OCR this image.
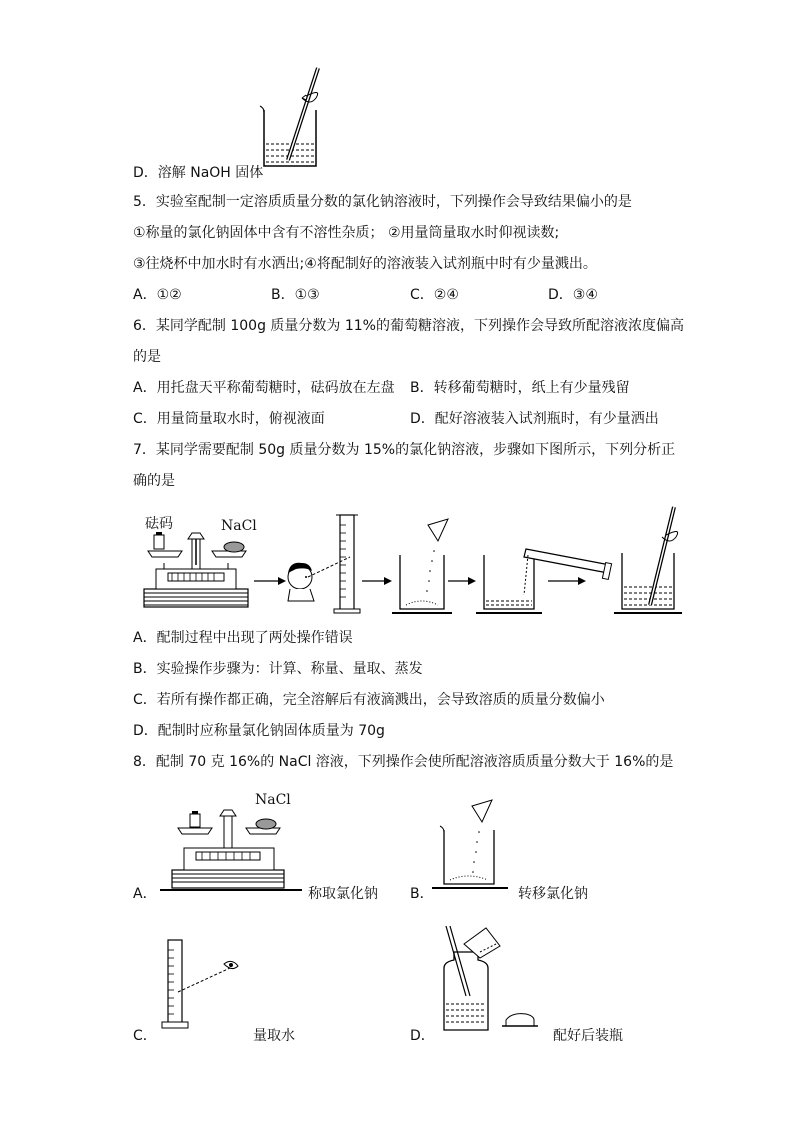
D．溶解 NaOH 固体
5．实验室配制一定溶质质量分数的氯化钠溶液时，下列操作会导致结果偏小的是
①称量的氯化钠固体中含有不溶性杂质； ②用量筒量取水时仰视读数;
③往烧杯中加水时有水洒出;④将配制好的溶液装入试剂瓶中时有少量溅出。
A．①②	B．①③	C．②④	D．③④
6．某同学配制 100g 质量分数为 11%的葡萄糖溶液，下列操作会导致所配溶液浓度偏高
的是
A．用托盘天平称葡萄糖时，砝码放在左盘 B．转移葡萄糖时，纸上有少量残留
C．用量筒量取水时，俯视液面	D．配好溶液装入试剂瓶时，有少量洒出
7．某同学需要配制 50g 质量分数为 15%的氯化钠溶液，步骤如下图所示，下列分析正
确的是
砝码	NaCl
A．配制过程中出现了两处操作错误
B．实验操作步骤为：计算、称量、量取、蒸发
C．若所有操作都正确，完全溶解后有液滴溅出，会导致溶质的质量分数偏小
D．配制时应称量氯化钠固体质量为 70g
8．配制 70 克 16%的 NaCl 溶液，下列操作会使所配溶液溶质质量分数大于 16%的是
NaCl
A．	称取氯化钠 B．	转移氯化钠
C．	量取水	D．	配好后装瓶
